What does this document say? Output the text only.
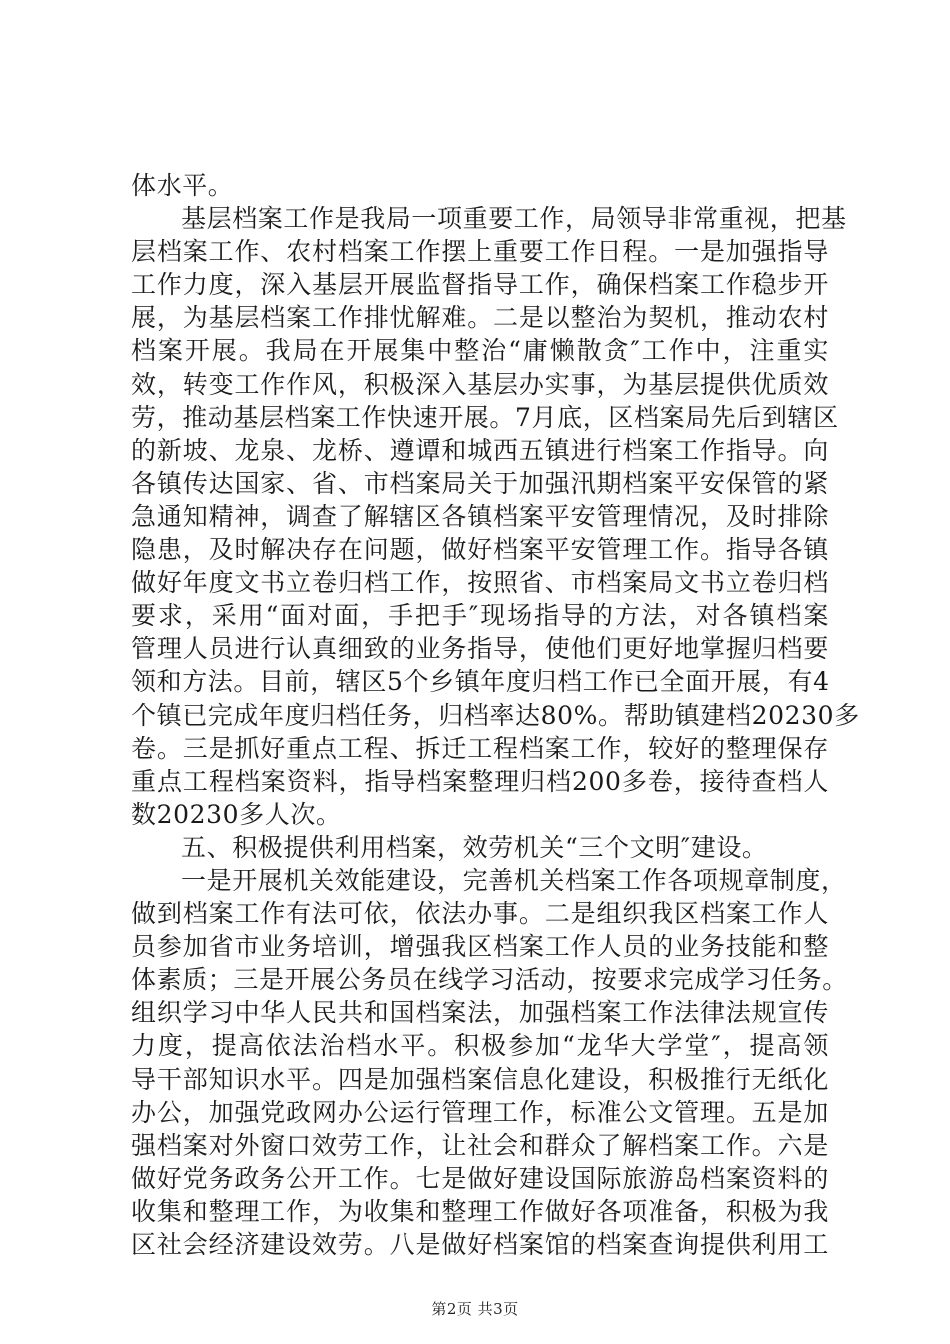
体水平。
基层档案工作是我局一项重要工作，局领导非常重视，把基
层档案工作、农村档案工作摆上重要工作日程。一是加强指导
工作力度，深入基层开展监督指导工作，确保档案工作稳步开
展，为基层档案工作排忧解难。二是以整治为契机，推动农村
档案开展。我局在开展集中整治“庸懒散贪″工作中，注重实
效，转变工作作风，积极深入基层办实事，为基层提供优质效
劳，推动基层档案工作快速开展。7月底，区档案局先后到辖区
的新坡、龙泉、龙桥、遵谭和城西五镇进行档案工作指导。向
各镇传达国家、省、市档案局关于加强汛期档案平安保管的紧
急通知精神，调查了解辖区各镇档案平安管理情况，及时排除
隐患，及时解决存在问题，做好档案平安管理工作。指导各镇
做好年度文书立卷归档工作，按照省、市档案局文书立卷归档
要求，采用“面对面，手把手″现场指导的方法，对各镇档案
管理人员进行认真细致的业务指导，使他们更好地掌握归档要
领和方法。目前，辖区5个乡镇年度归档工作已全面开展，有4
个镇已完成年度归档任务，归档率达80%。帮助镇建档20230多
卷。三是抓好重点工程、拆迁工程档案工作，较好的整理保存
重点工程档案资料，指导档案整理归档200多卷，接待查档人
数20230多人次。
五、积极提供利用档案，效劳机关“三个文明″建设。
一是开展机关效能建设，完善机关档案工作各项规章制度，
做到档案工作有法可依，依法办事。二是组织我区档案工作人
员参加省市业务培训，增强我区档案工作人员的业务技能和整
体素质；三是开展公务员在线学习活动，按要求完成学习任务。
组织学习中华人民共和国档案法，加强档案工作法律法规宣传
力度，提高依法治档水平。积极参加“龙华大学堂″，提高领
导干部知识水平。四是加强档案信息化建设，积极推行无纸化
办公，加强党政网办公运行管理工作，标准公文管理。五是加
强档案对外窗口效劳工作，让社会和群众了解档案工作。六是
做好党务政务公开工作。七是做好建设国际旅游岛档案资料的
收集和整理工作，为收集和整理工作做好各项准备，积极为我
区社会经济建设效劳。八是做好档案馆的档案查询提供利用工
第2页 共3页
